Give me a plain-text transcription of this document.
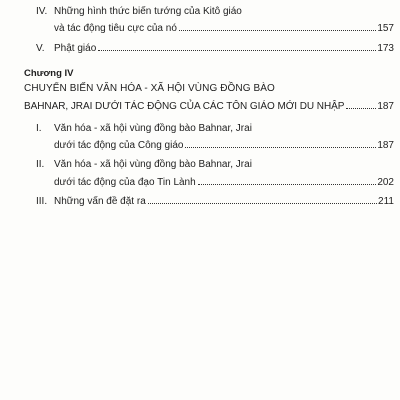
IV. Những hình thức biến tướng của Kitô giáo
và tác động tiêu cực của nó	157
V. Phật giáo	173
Chương IV
CHUYỂN BIẾN VĂN HÓA - XÃ HỘI VÙNG ĐỒNG BÀO
BAHNAR, JRAI DƯỚI TÁC ĐỘNG CỦA CÁC TÔN GIÁO MỚI DU NHẬP	187
I. Văn hóa - xã hội vùng đồng bào Bahnar, Jrai
dưới tác động của Công giáo	187
II. Văn hóa - xã hội vùng đồng bào Bahnar, Jrai
dưới tác động của đạo Tin Lành	202
III. Những vấn đề đặt ra	211
